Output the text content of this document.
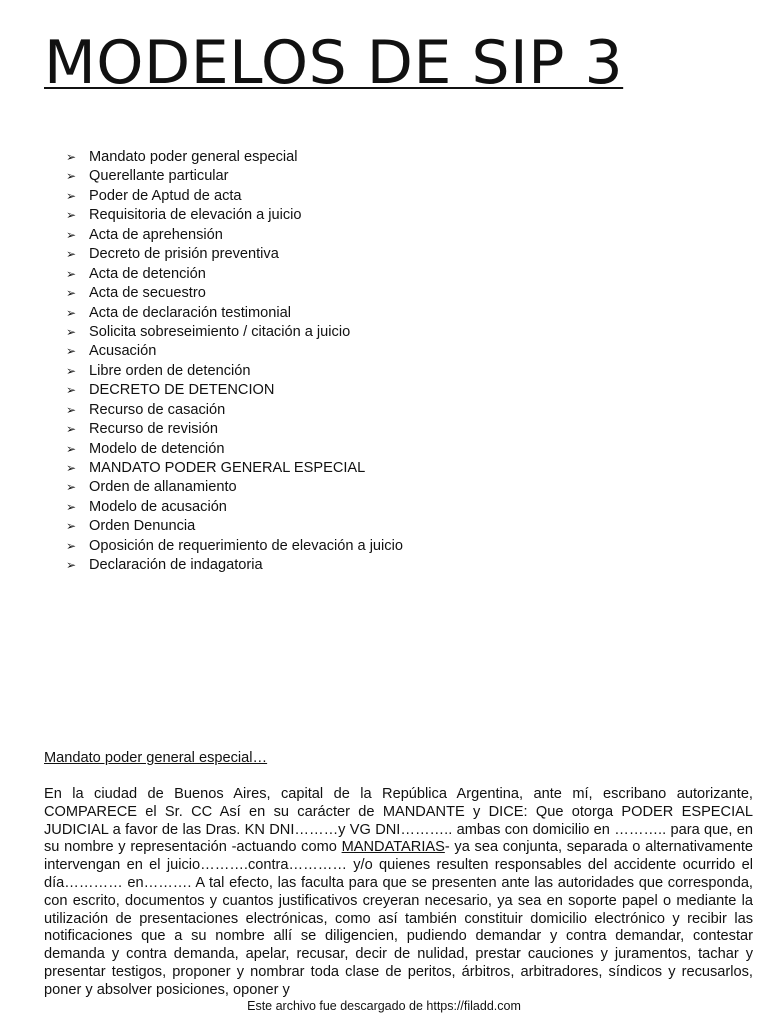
MODELOS DE SIP 3
➢ Mandato poder general especial
➢ Querellante particular
➢ Poder de Aptud de acta
➢ Requisitoria de elevación a juicio
➢ Acta de aprehensión
➢ Decreto de prisión preventiva
➢ Acta de detención
➢ Acta de secuestro
➢ Acta de declaración testimonial
➢ Solicita sobreseimiento / citación a juicio
➢ Acusación
➢ Libre orden de detención
➢ DECRETO DE DETENCION
➢ Recurso de casación
➢ Recurso de revisión
➢ Modelo de detención
➢ MANDATO PODER GENERAL ESPECIAL
➢ Orden de allanamiento
➢ Modelo de acusación
➢ Orden Denuncia
➢ Oposición de requerimiento de elevación a juicio
➢ Declaración de indagatoria
Mandato poder general especial…

En la ciudad de Buenos Aires, capital de la República Argentina, ante mí, escribano autorizante, COMPARECE el Sr. CC Así en su carácter de MANDANTE y DICE: Que otorga PODER ESPECIAL JUDICIAL a favor de las Dras. KN DNI………y VG DNI……….. ambas con domicilio en ……….. para que, en su nombre y representación -actuando como MANDATARIAS- ya sea conjunta, separada o alternativamente intervengan en el juicio……….contra………… y/o quienes resulten responsables del accidente ocurrido el día………… en………. A tal efecto, las faculta para que se presenten ante las autoridades que corresponda, con escrito, documentos y cuantos justificativos creyeran necesario, ya sea en soporte papel o mediante la utilización de presentaciones electrónicas, como así también constituir domicilio electrónico y recibir las notificaciones que a su nombre allí se diligencien, pudiendo demandar y contra demandar, contestar demanda y contra demanda, apelar, recusar, decir de nulidad, prestar cauciones y juramentos, tachar y presentar testigos, proponer y nombrar toda clase de peritos, árbitros, arbitradores, síndicos y recusarlos, poner y absolver posiciones, oponer y

Este archivo fue descargado de https://filadd.com
